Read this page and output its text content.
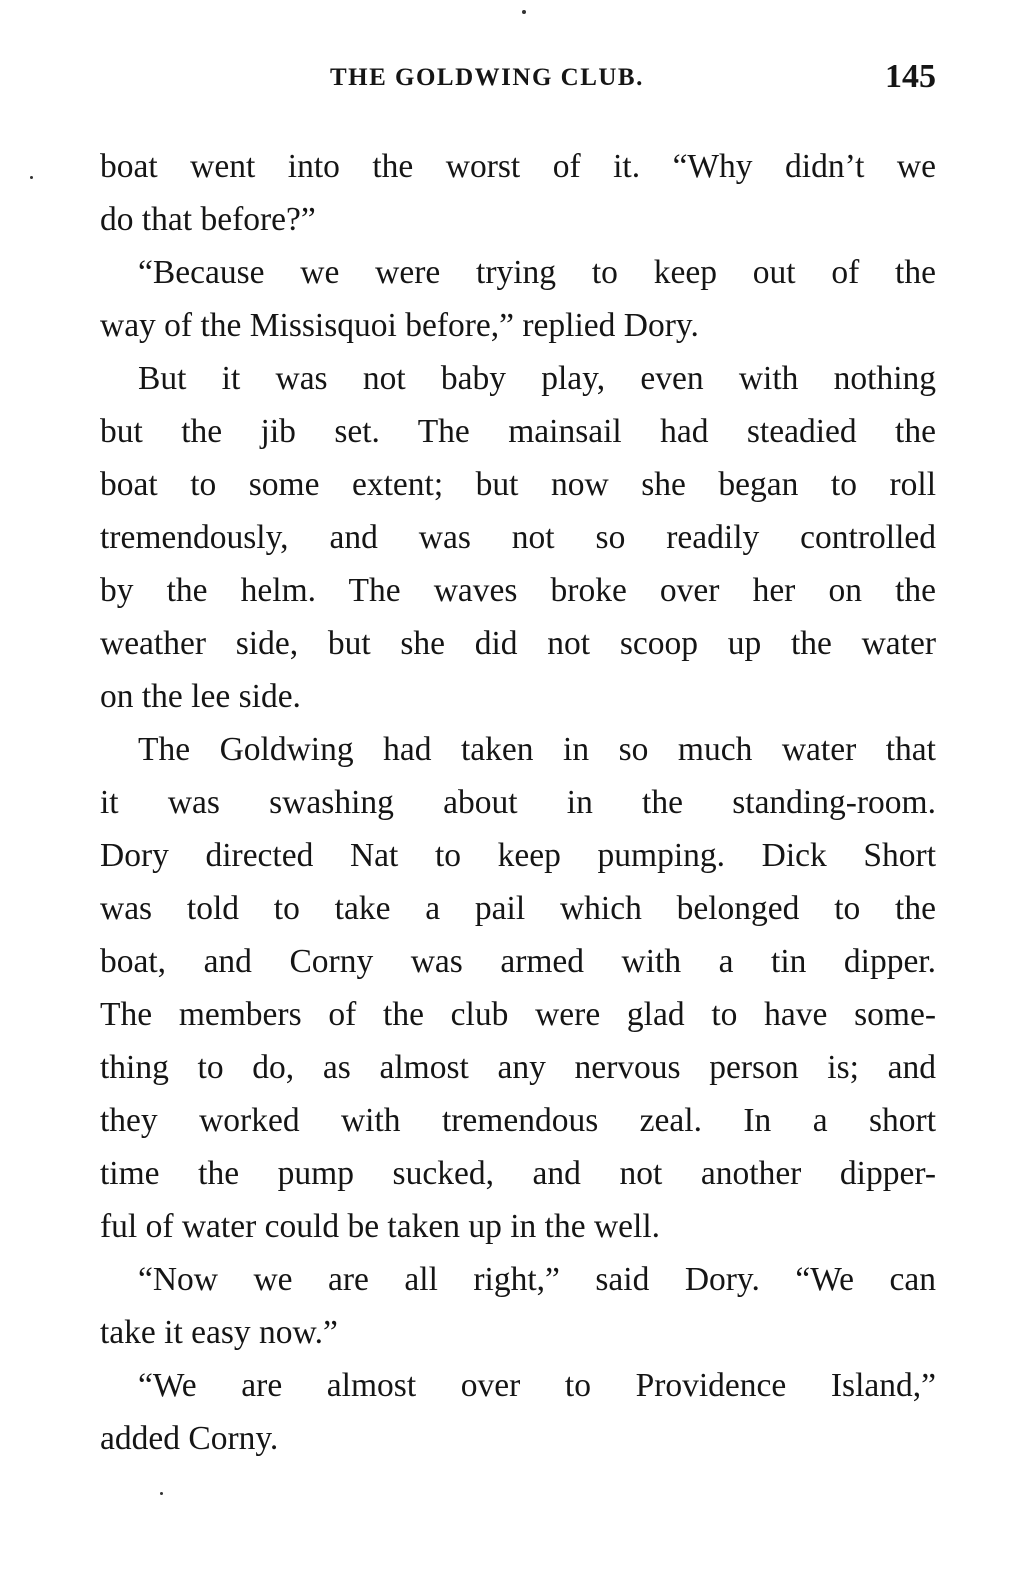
THE GOLDWING CLUB.	145
boat went into the worst of it. “Why didn’t we
do that before?”
“Because we were trying to keep out of the
way of the Missisquoi before,” replied Dory.
But it was not baby play, even with nothing
but the jib set. The mainsail had steadied the
boat to some extent; but now she began to roll
tremendously, and was not so readily controlled
by the helm. The waves broke over her on the
weather side, but she did not scoop up the water
on the lee side.
The Goldwing had taken in so much water that
it was swashing about in the standing-room.
Dory directed Nat to keep pumping. Dick Short
was told to take a pail which belonged to the
boat, and Corny was armed with a tin dipper.
The members of the club were glad to have some-
thing to do, as almost any nervous person is; and
they worked with tremendous zeal. In a short
time the pump sucked, and not another dipper-
ful of water could be taken up in the well.
“Now we are all right,” said Dory. “We can
take it easy now.”
“We are almost over to Providence Island,”
added Corny.
